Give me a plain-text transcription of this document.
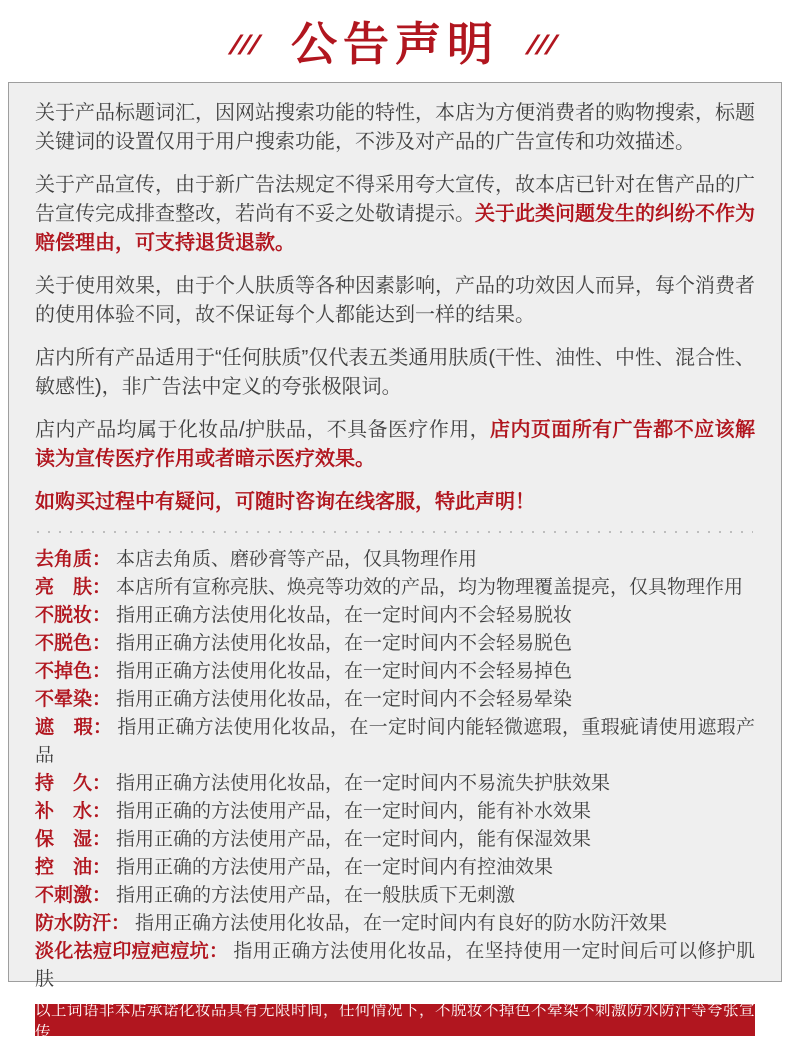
/// 公告声明 ///

关于产品标题词汇，因网站搜索功能的特性，本店为方便消费者的购物搜索，标题关键词的设置仅用于用户搜索功能，不涉及对产品的广告宣传和功效描述。

关于产品宣传，由于新广告法规定不得采用夸大宣传，故本店已针对在售产品的广告宣传完成排查整改，若尚有不妥之处敬请提示。关于此类问题发生的纠纷不作为赔偿理由，可支持退货退款。

关于使用效果，由于个人肤质等各种因素影响，产品的功效因人而异，每个消费者的使用体验不同，故不保证每个人都能达到一样的结果。

店内所有产品适用于“任何肤质”仅代表五类通用肤质(干性、油性、中性、混合性、敏感性)，非广告法中定义的夸张极限词。

店内产品均属于化妆品/护肤品，不具备医疗作用，店内页面所有广告都不应该解读为宣传医疗作用或者暗示医疗效果。

如购买过程中有疑问，可随时咨询在线客服，特此声明！

去角质： 本店去角质、磨砂膏等产品，仅具物理作用
亮　肤： 本店所有宣称亮肤、焕亮等功效的产品，均为物理覆盖提亮，仅具物理作用
不脱妆： 指用正确方法使用化妆品，在一定时间内不会轻易脱妆
不脱色： 指用正确方法使用化妆品，在一定时间内不会轻易脱色
不掉色： 指用正确方法使用化妆品，在一定时间内不会轻易掉色
不晕染： 指用正确方法使用化妆品，在一定时间内不会轻易晕染
遮　瑕： 指用正确方法使用化妆品，在一定时间内能轻微遮瑕，重瑕疵请使用遮瑕产品
持　久： 指用正确方法使用化妆品，在一定时间内不易流失护肤效果
补　水： 指用正确的方法使用产品，在一定时间内，能有补水效果
保　湿： 指用正确的方法使用产品，在一定时间内，能有保湿效果
控　油： 指用正确的方法使用产品，在一定时间内有控油效果
不刺激： 指用正确的方法使用产品，在一般肤质下无刺激
防水防汗： 指用正确方法使用化妆品，在一定时间内有良好的防水防汗效果
淡化祛痘印痘疤痘坑： 指用正确方法使用化妆品，在坚持使用一定时间后可以修护肌肤
以上词语非本店承诺化妆品具有无限时间，任何情况下，不脱妆不掉色不晕染不刺激防水防汗等夸张宣传
